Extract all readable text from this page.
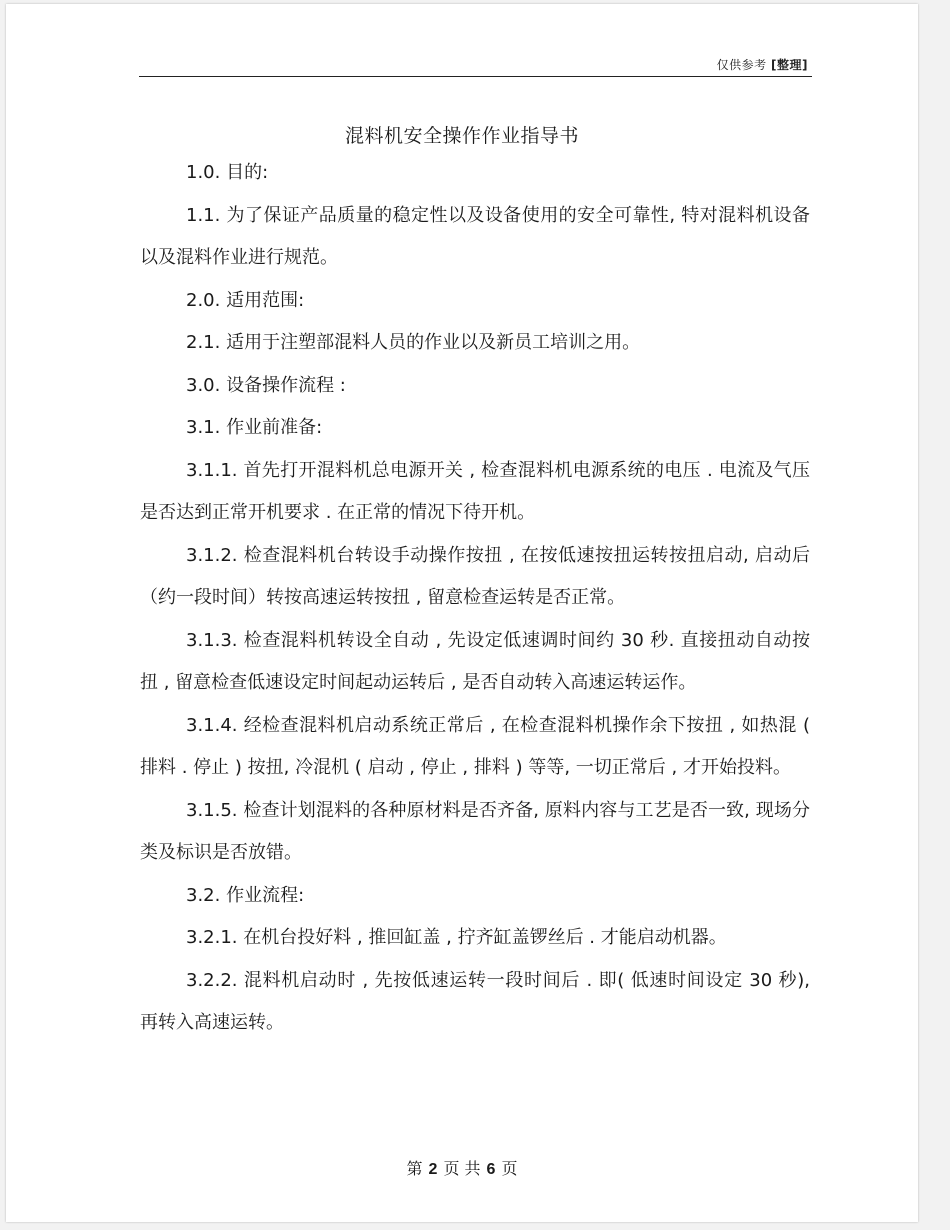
仅供参考 [整理]
混料机安全操作作业指导书

1.0. 目的:

1.1. 为了保证产品质量的稳定性以及设备使用的安全可靠性, 特对混料机设备以及混料作业进行规范。

2.0. 适用范围:

2.1. 适用于注塑部混料人员的作业以及新员工培训之用。

3.0. 设备操作流程 :

3.1. 作业前准备:

3.1.1. 首先打开混料机总电源开关 , 检查混料机电源系统的电压 . 电流及气压是否达到正常开机要求 . 在正常的情况下待开机。

3.1.2. 检查混料机台转设手动操作按扭 , 在按低速按扭运转按扭启动, 启动后（约一段时间）转按高速运转按扭 , 留意检查运转是否正常。

3.1.3. 检查混料机转设全自动 , 先设定低速调时间约 30 秒. 直接扭动自动按扭 , 留意检查低速设定时间起动运转后 , 是否自动转入高速运转运作。

3.1.4. 经检查混料机启动系统正常后 , 在检查混料机操作余下按扭 , 如热混 ( 排料 . 停止 ) 按扭, 冷混机 ( 启动 , 停止 , 排料 ) 等等, 一切正常后 , 才开始投料。

3.1.5. 检查计划混料的各种原材料是否齐备, 原料内容与工艺是否一致, 现场分类及标识是否放错。

3.2. 作业流程:

3.2.1. 在机台投好料 , 推回缸盖 , 拧齐缸盖锣丝后 . 才能启动机器。

3.2.2. 混料机启动时 , 先按低速运转一段时间后 . 即( 低速时间设定 30 秒), 再转入高速运转。

第 2 页 共 6 页
